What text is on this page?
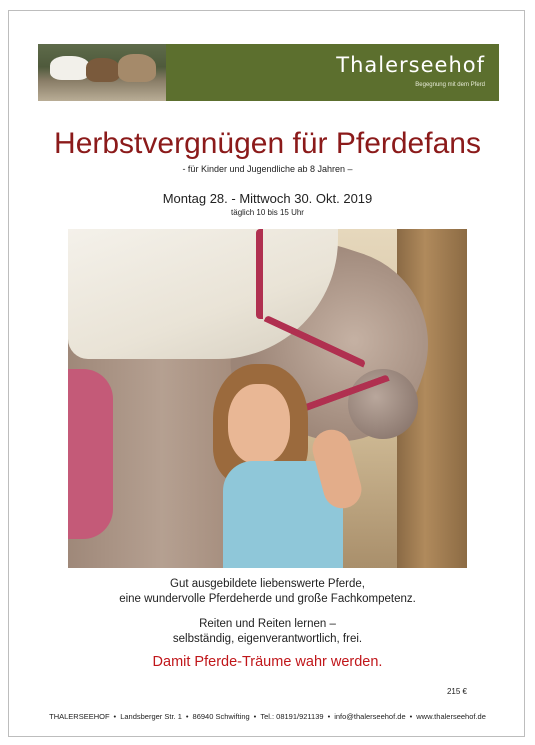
Thalerseehof
Begegnung mit dem Pferd
Herbstvergnügen für Pferdefans
- für Kinder und Jugendliche ab 8 Jahren –
Montag 28. - Mittwoch 30. Okt. 2019
täglich 10 bis 15 Uhr
Gut ausgebildete liebenswerte Pferde,
eine wundervolle Pferdeherde und große Fachkompetenz.
Reiten und Reiten lernen –
selbständig, eigenverantwortlich, frei.
Damit Pferde-Träume wahr werden.
215 €
THALERSEEHOF • Landsberger Str. 1 • 86940 Schwifting • Tel.: 08191/921139 • info@thalerseehof.de • www.thalerseehof.de
